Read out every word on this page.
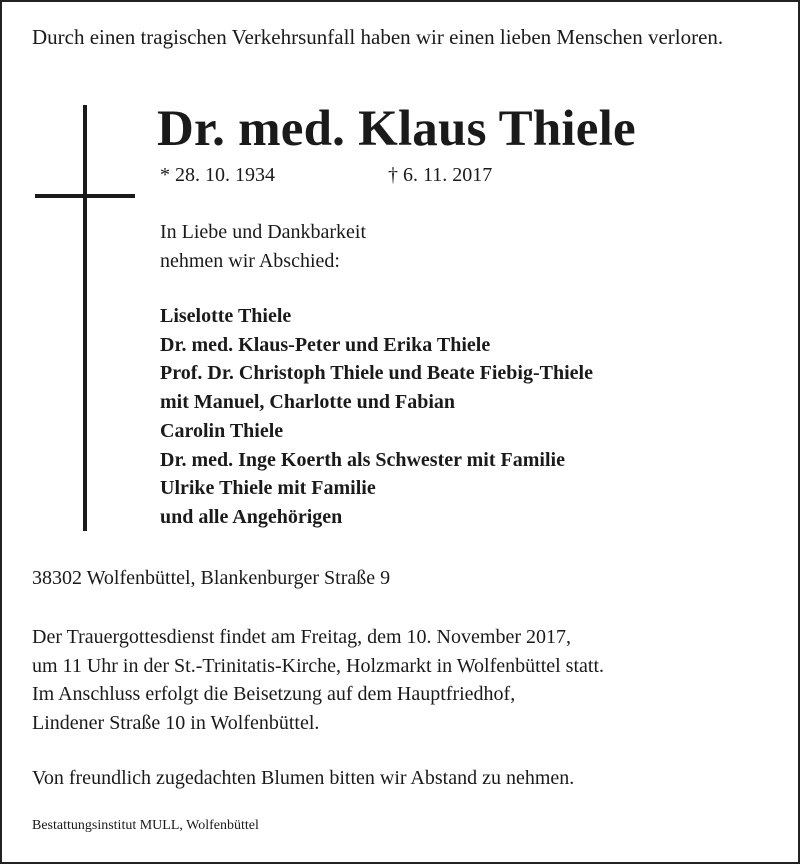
Durch einen tragischen Verkehrsunfall haben wir einen lieben Menschen verloren.

Dr. med. Klaus Thiele
* 28. 10. 1934	† 6. 11. 2017

In Liebe und Dankbarkeit
nehmen wir Abschied:

Liselotte Thiele
Dr. med. Klaus-Peter und Erika Thiele
Prof. Dr. Christoph Thiele und Beate Fiebig-Thiele
mit Manuel, Charlotte und Fabian
Carolin Thiele
Dr. med. Inge Koerth als Schwester mit Familie
Ulrike Thiele mit Familie
und alle Angehörigen
38302 Wolfenbüttel, Blankenburger Straße 9

Der Trauergottesdienst findet am Freitag, dem 10. November 2017,
um 11 Uhr in der St.-Trinitatis-Kirche, Holzmarkt in Wolfenbüttel statt.
Im Anschluss erfolgt die Beisetzung auf dem Hauptfriedhof,
Lindener Straße 10 in Wolfenbüttel.

Von freundlich zugedachten Blumen bitten wir Abstand zu nehmen.
Bestattungsinstitut MULL, Wolfenbüttel
